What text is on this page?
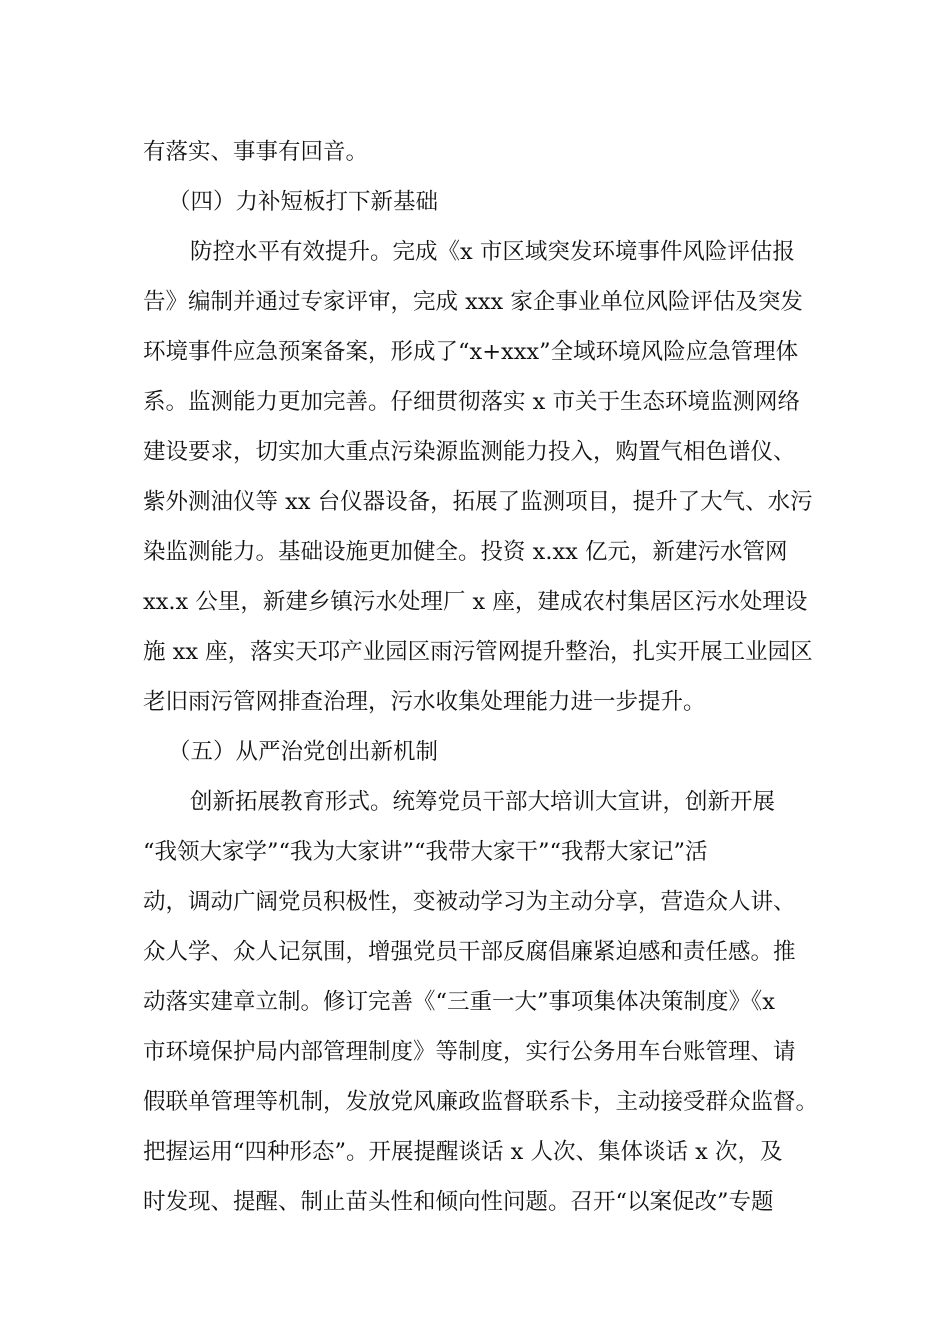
有落实、事事有回音。

（四）力补短板打下新基础

防控水平有效提升。完成《x 市区域突发环境事件风险评估报

告》编制并通过专家评审，完成 xxx 家企事业单位风险评估及突发

环境事件应急预案备案，形成了“x+xxx”全域环境风险应急管理体

系。监测能力更加完善。仔细贯彻落实 x 市关于生态环境监测网络

建设要求，切实加大重点污染源监测能力投入，购置气相色谱仪、

紫外测油仪等 xx 台仪器设备，拓展了监测项目，提升了大气、水污

染监测能力。基础设施更加健全。投资 x.xx 亿元，新建污水管网

xx.x 公里，新建乡镇污水处理厂 x 座，建成农村集居区污水处理设

施 xx 座，落实天邛产业园区雨污管网提升整治，扎实开展工业园区

老旧雨污管网排查治理，污水收集处理能力进一步提升。

（五）从严治党创出新机制

创新拓展教育形式。统筹党员干部大培训大宣讲，创新开展

“我领大家学”“我为大家讲”“我带大家干”“我帮大家记”活

动，调动广阔党员积极性，变被动学习为主动分享，营造众人讲、

众人学、众人记氛围，增强党员干部反腐倡廉紧迫感和责任感。推

动落实建章立制。修订完善《“三重一大”事项集体决策制度》《x

市环境保护局内部管理制度》等制度，实行公务用车台账管理、请

假联单管理等机制，发放党风廉政监督联系卡，主动接受群众监督。

把握运用“四种形态”。开展提醒谈话 x 人次、集体谈话 x 次，及

时发现、提醒、制止苗头性和倾向性问题。召开“以案促改”专题
